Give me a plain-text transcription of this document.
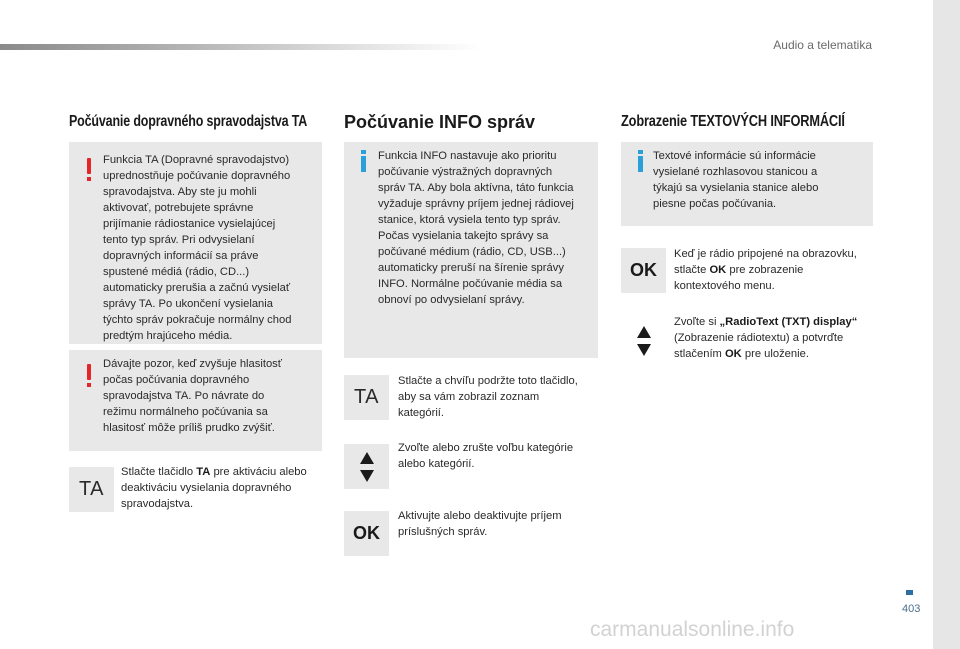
Audio a telematika
403
carmanualsonline.info
Počúvanie dopravného spravodajstva TA
Funkcia TA (Dopravné spravodajstvo)
uprednostňuje počúvanie dopravného
spravodajstva. Aby ste ju mohli
aktivovať, potrebujete správne
prijímanie rádiostanice vysielajúcej
tento typ správ. Pri odvysielaní
dopravných informácií sa práve
spustené médiá (rádio, CD...)
automaticky prerušia a začnú vysielať
správy TA. Po ukončení vysielania
týchto správ pokračuje normálny chod
predtým hrajúceho média.
Dávajte pozor, keď zvyšuje hlasitosť
počas počúvania dopravného
spravodajstva TA. Po návrate do
režimu normálneho počúvania sa
hlasitosť môže príliš prudko zvýšiť.
TA
Stlačte tlačidlo TA pre aktiváciu alebo
deaktiváciu vysielania dopravného
spravodajstva.
Počúvanie INFO správ
Funkcia INFO nastavuje ako prioritu
počúvanie výstražných dopravných
správ TA. Aby bola aktívna, táto funkcia
vyžaduje správny príjem jednej rádiovej
stanice, ktorá vysiela tento typ správ.
Počas vysielania takejto správy sa
počúvané médium (rádio, CD, USB...)
automaticky preruší na šírenie správy
INFO. Normálne počúvanie média sa
obnoví po odvysielaní správy.
TA
Stlačte a chvíľu podržte toto tlačidlo,
aby sa vám zobrazil zoznam
kategórií.
Zvoľte alebo zrušte voľbu kategórie
alebo kategórií.
OK
Aktivujte alebo deaktivujte príjem
príslušných správ.
Zobrazenie TEXTOVÝCH INFORMÁCIÍ
Textové informácie sú informácie
vysielané rozhlasovou stanicou a
týkajú sa vysielania stanice alebo
piesne počas počúvania.
OK
Keď je rádio pripojené na obrazovku,
stlačte OK pre zobrazenie
kontextového menu.
Zvoľte si „RadioText (TXT) display“
(Zobrazenie rádiotextu) a potvrďte
stlačením OK pre uloženie.
